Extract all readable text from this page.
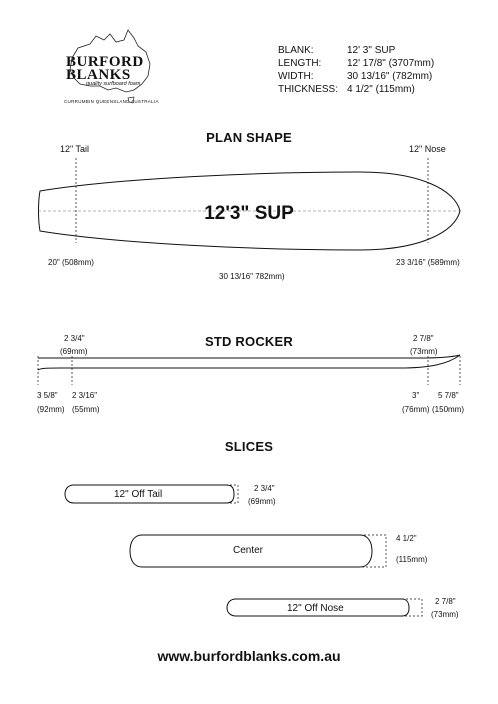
BURFORD
BLANKS
quality surfboard foam
CURRUMBIN QUEENSLAND AUSTRALIA
BLANK:	12' 3" SUP
LENGTH:	12' 17/8" (3707mm)
WIDTH:	30 13/16" (782mm)
THICKNESS: 4 1/2" (115mm)
PLAN SHAPE
12" Tail	12" Nose
12'3" SUP
20" (508mm)	23 3/16" (589mm)
30 13/16" 782mm)
STD ROCKER
2 3/4"
(69mm)
2 7/8"
(73mm)
3 5/8"
(92mm)
2 3/16"
(55mm)
3"
(76mm)
5 7/8"
(150mm)
SLICES
12" Off Tail
2 3/4"
(69mm)
Center
4 1/2"
(115mm)
12" Off Nose
2 7/8"
(73mm)
www.burfordblanks.com.au
